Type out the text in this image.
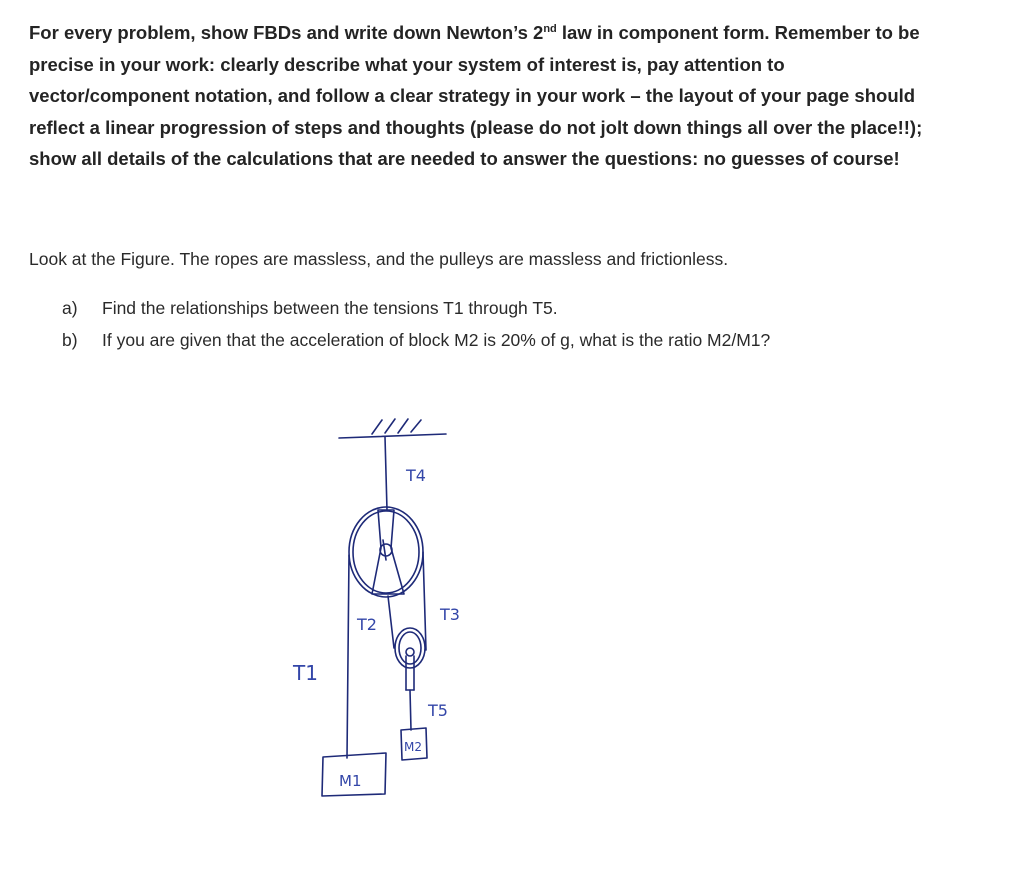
For every problem, show FBDs and write down Newton’s 2nd law in component form. Remember to be
precise in your work: clearly describe what your system of interest is, pay attention to
vector/component notation, and follow a clear strategy in your work – the layout of your page should
reflect a linear progression of steps and thoughts (please do not jolt down things all over the place!!);
show all details of the calculations that are needed to answer the questions: no guesses of course!
Look at the Figure. The ropes are massless, and the pulleys are massless and frictionless.
a) Find the relationships between the tensions T1 through T5.
b) If you are given that the acceleration of block M2 is 20% of g, what is the ratio M2/M1?
T1
T2
T3
T4
T5
M1
M2
